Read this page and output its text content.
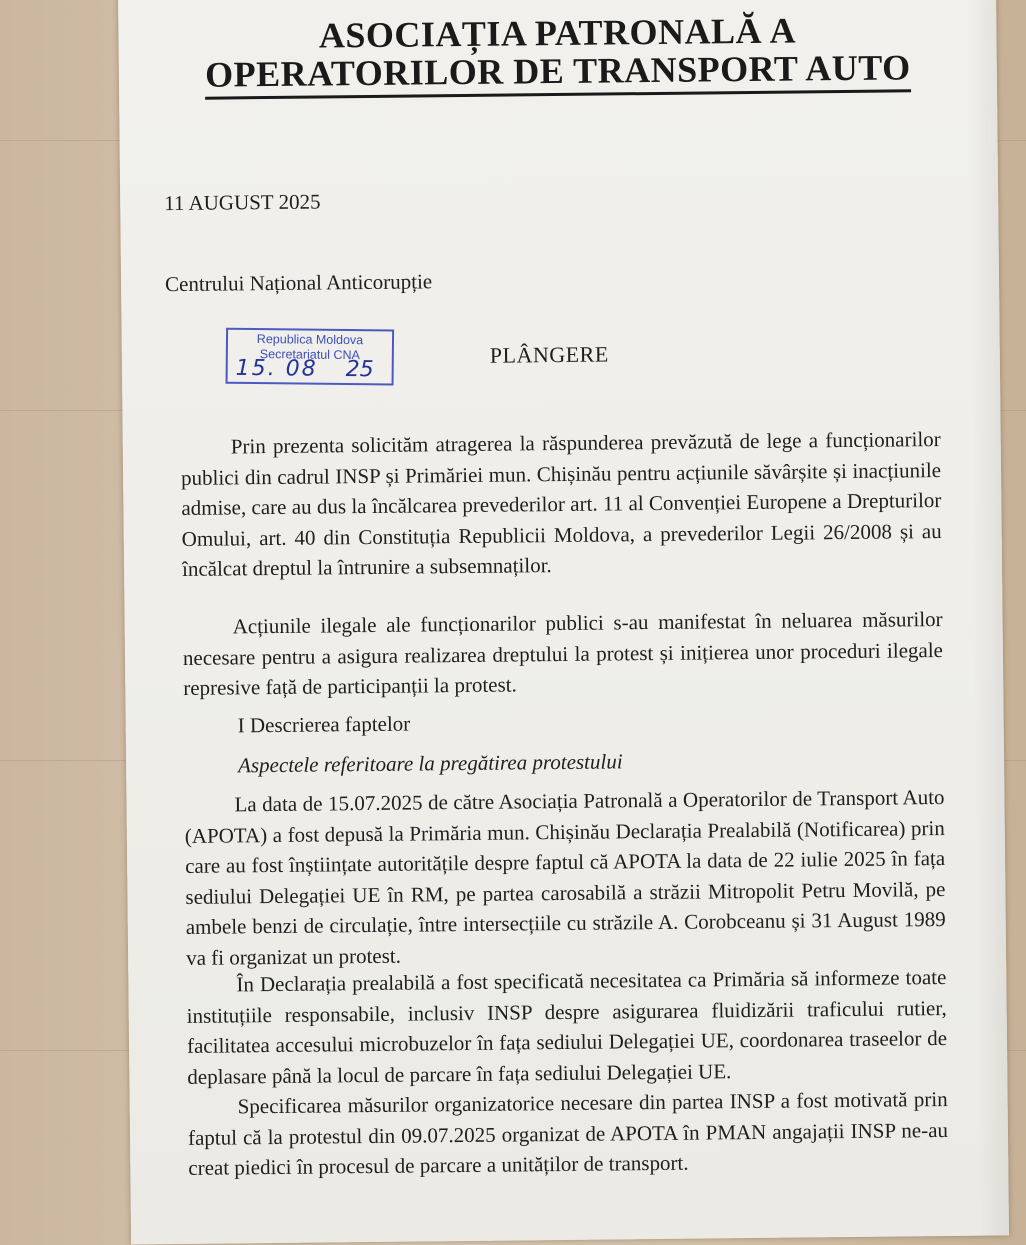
ASOCIAȚIA PATRONALĂ A
OPERATORILOR DE TRANSPORT AUTO
11 AUGUST 2025
Centrului Național Anticorupție
Republica Moldova
Secretariatul CNA
15. 08 25
PLÂNGERE
Prin prezenta solicităm atragerea la răspunderea prevăzută de lege a funcționarilor publici din cadrul INSP și Primăriei mun. Chișinău pentru acțiunile săvârșite și inacțiunile admise, care au dus la încălcarea prevederilor art. 11 al Convenției Europene a Drepturilor Omului, art. 40 din Constituția Republicii Moldova, a prevederilor Legii 26/2008 și au încălcat dreptul la întrunire a subsemnaților.
Acțiunile ilegale ale funcționarilor publici s-au manifestat în neluarea măsurilor necesare pentru a asigura realizarea dreptului la protest și inițierea unor proceduri ilegale represive față de participanții la protest.
I Descrierea faptelor
Aspectele referitoare la pregătirea protestului
La data de 15.07.2025 de către Asociația Patronală a Operatorilor de Transport Auto (APOTA) a fost depusă la Primăria mun. Chișinău Declarația Prealabilă (Notificarea) prin care au fost înștiințate autoritățile despre faptul că APOTA la data de 22 iulie 2025 în fața sediului Delegației UE în RM, pe partea carosabilă a străzii Mitropolit Petru Movilă, pe ambele benzi de circulație, între intersecțiile cu străzile A. Corobceanu și 31 August 1989 va fi organizat un protest.
În Declarația prealabilă a fost specificată necesitatea ca Primăria să informeze toate instituțiile responsabile, inclusiv INSP despre asigurarea fluidizării traficului rutier, facilitatea accesului microbuzelor în fața sediului Delegației UE, coordonarea traseelor de deplasare până la locul de parcare în fața sediului Delegației UE.
Specificarea măsurilor organizatorice necesare din partea INSP a fost motivată prin faptul că la protestul din 09.07.2025 organizat de APOTA în PMAN angajații INSP ne-au creat piedici în procesul de parcare a unităților de transport.
